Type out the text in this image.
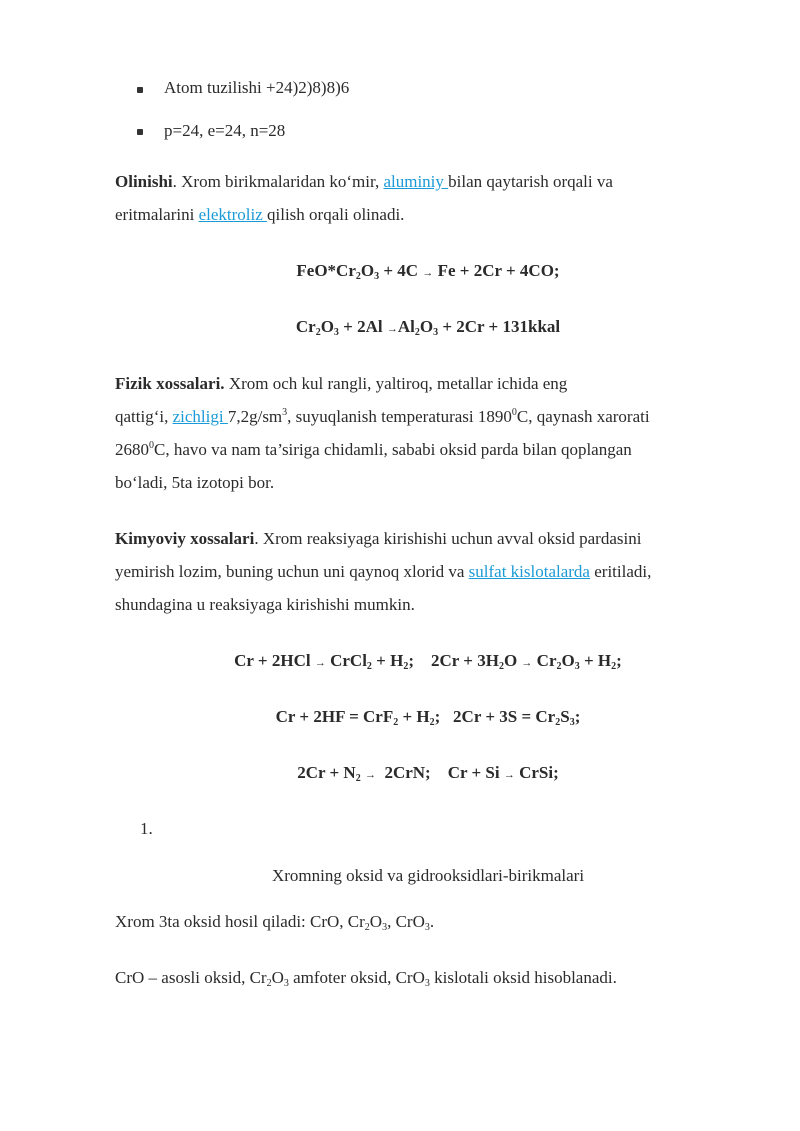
Atom tuzilishi +24)2)8)8)6
p=24, e=24, n=28
Olinishi. Xrom birikmalaridan ko‘mir, aluminiy bilan qaytarish orqali va
eritmalarini elektroliz qilish orqali olinadi.
$FeO*Cr_2O_3 + 4C \to Fe + 2Cr + 4CO$;
$Cr_2O_3 + 2Al \to Al_2O_3 + 2Cr$ + 131kkal
Fizik xossalari. Xrom och kul rangli, yaltiroq, metallar ichida eng
qattig‘i, zichligi $7,2g/sm^3$, suyuqlanish temperaturasi 1890$^0$C, qaynash xarorati
2680$^0$C, havo va nam ta’siriga chidamli, sababi oksid parda bilan qoplangan
bo‘ladi, 5ta izotopi bor.
Kimyoviy xossalari. Xrom reaksiyaga kirishishi uchun avval oksid pardasini
yemirish lozim, buning uchun uni qaynoq xlorid va sulfat kislotalarda eritiladi,
shundagina u reaksiyaga kirishishi mumkin.
Cr + 2HCl → CrCl$_2$ + $H_2$;    $2Cr + 3H_2O \to Cr_2O_3 + H_2$;
$Cr + 2HF = CrF_2 + H_2$;   $2Cr + 3S = Cr_2S_3$;
$2Cr + N_2 \to 2CrN$;    Cr + Si → CrSi;
1.
Xromning oksid va gidrooksidlari-birikmalari
Xrom 3ta oksid hosil qiladi: CrO, $Cr_2O_3$, CrO$_3$.
CrO – asosli oksid, $Cr_2O_3$ amfoter oksid, CrO$_3$ kislotali oksid hisoblanadi.
